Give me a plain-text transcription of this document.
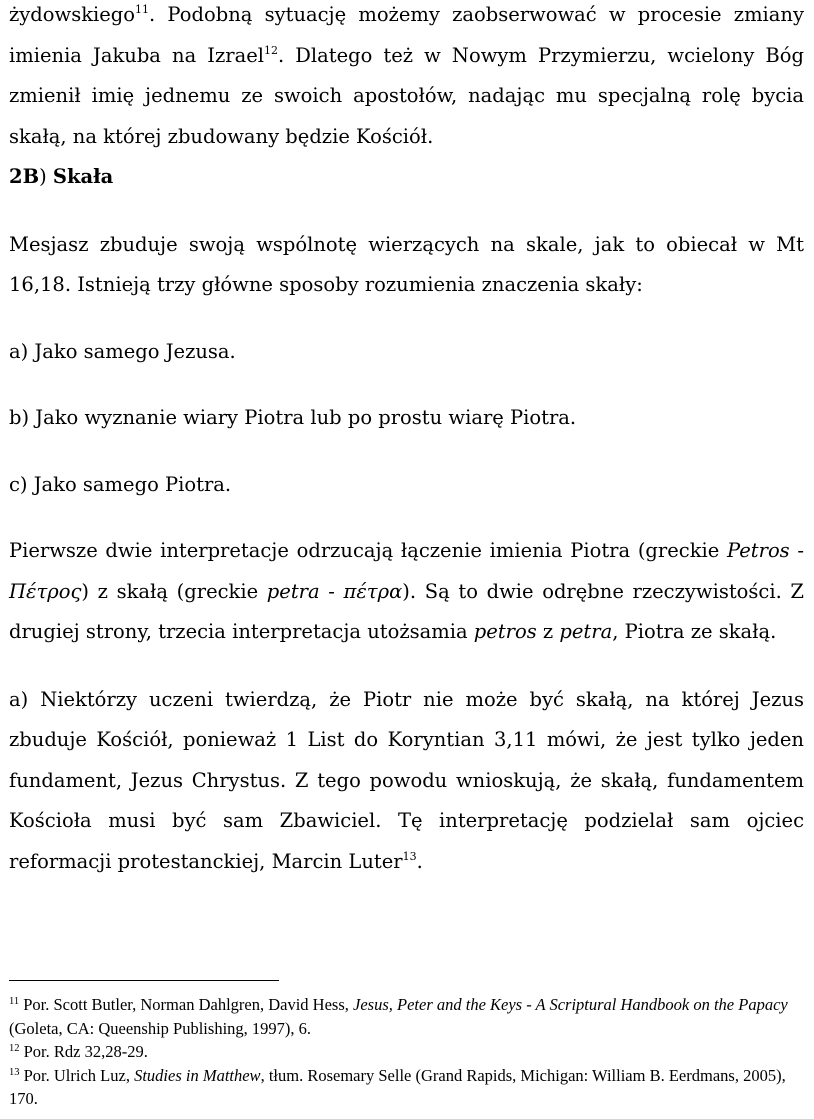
żydowskiego$^{11}$. Podobną sytuację możemy zaobserwować w procesie zmiany imienia Jakuba na Izrael$^{12}$. Dlatego też w Nowym Przymierzu, wcielony Bóg zmienił imię jednemu ze swoich apostołów, nadając mu specjalną rolę bycia skałą, na której zbudowany będzie Kościół.

2B) Skała

Mesjasz zbuduje swoją wspólnotę wierzących na skale, jak to obiecał w Mt 16,18. Istnieją trzy główne sposoby rozumienia znaczenia skały:

a) Jako samego Jezusa.

b) Jako wyznanie wiary Piotra lub po prostu wiarę Piotra.

c) Jako samego Piotra.

Pierwsze dwie interpretacje odrzucają łączenie imienia Piotra (greckie Petros - Πέτρος) z skałą (greckie petra - πέτρα). Są to dwie odrębne rzeczywistości. Z drugiej strony, trzecia interpretacja utożsamia petros z petra, Piotra ze skałą.

a) Niektórzy uczeni twierdzą, że Piotr nie może być skałą, na której Jezus zbuduje Kościół, ponieważ 1 List do Koryntian 3,11 mówi, że jest tylko jeden fundament, Jezus Chrystus. Z tego powodu wnioskują, że skałą, fundamentem Kościoła musi być sam Zbawiciel. Tę interpretację podzielał sam ojciec reformacji protestanckiej, Marcin Luter$^{13}$.

$^{11}$ Por. Scott Butler, Norman Dahlgren, David Hess, Jesus, Peter and the Keys - A Scriptural Handbook on the Papacy (Goleta, CA: Queenship Publishing, 1997), 6.

$^{12}$ Por. Rdz 32,28-29.

$^{13}$ Por. Ulrich Luz, Studies in Matthew, tłum. Rosemary Selle (Grand Rapids, Michigan: William B. Eerdmans, 2005), 170.
